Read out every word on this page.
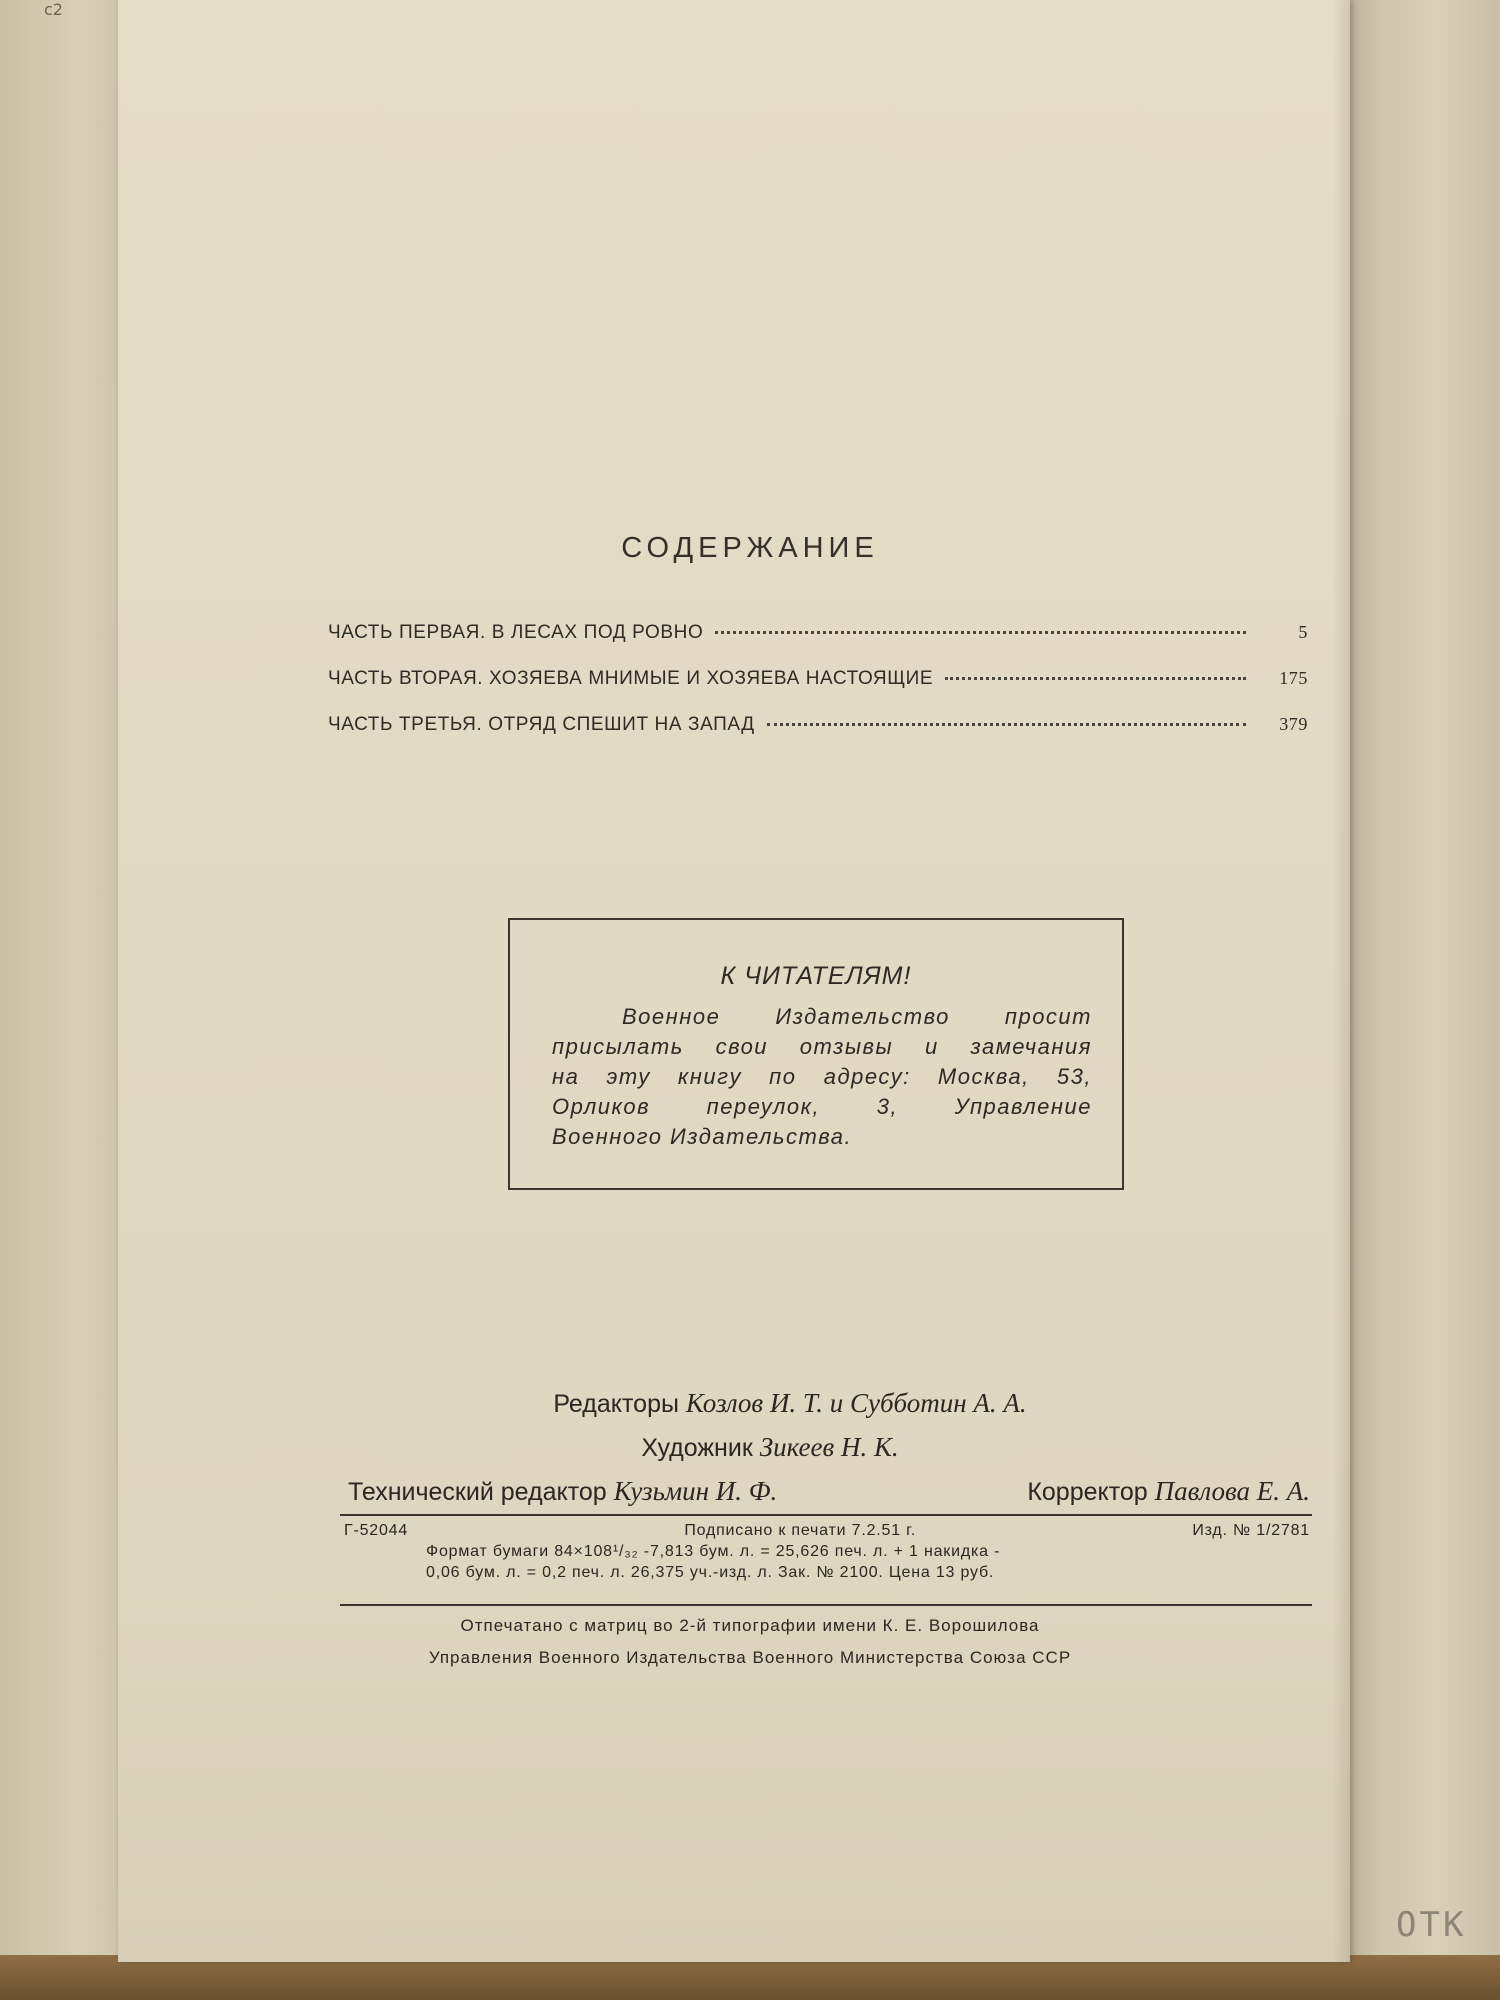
c2
ОТК
СОДЕРЖАНИЕ
ЧАСТЬ ПЕРВАЯ. В ЛЕСАХ ПОД РОВНО	5
ЧАСТЬ ВТОРАЯ. ХОЗЯЕВА МНИМЫЕ И ХОЗЯЕВА НАСТОЯЩИЕ	175
ЧАСТЬ ТРЕТЬЯ. ОТРЯД СПЕШИТ НА ЗАПАД	379
К ЧИТАТЕЛЯМ!
Военное Издательство просит
присылать свои отзывы и замечания
на эту книгу по адресу: Москва, 53,
Орликов переулок, 3, Управление
Военного Издательства.
Редакторы Козлов И. Т. и Субботин А. А.
Художник Зикеев Н. К.
Технический редактор Кузьмин И. Ф.	Корректор Павлова Е. А.
Г-52044	Подписано к печати 7.2.51 г.	Изд. № 1/2781
Формат бумаги 84×108¹/₃₂ -7,813 бум. л. = 25,626 печ. л. + 1 накидка -
0,06 бум. л. = 0,2 печ. л. 26,375 уч.-изд. л. Зак. № 2100. Цена 13 руб.
Отпечатано с матриц во 2-й типографии имени К. Е. Ворошилова
Управления Военного Издательства Военного Министерства Союза ССР
